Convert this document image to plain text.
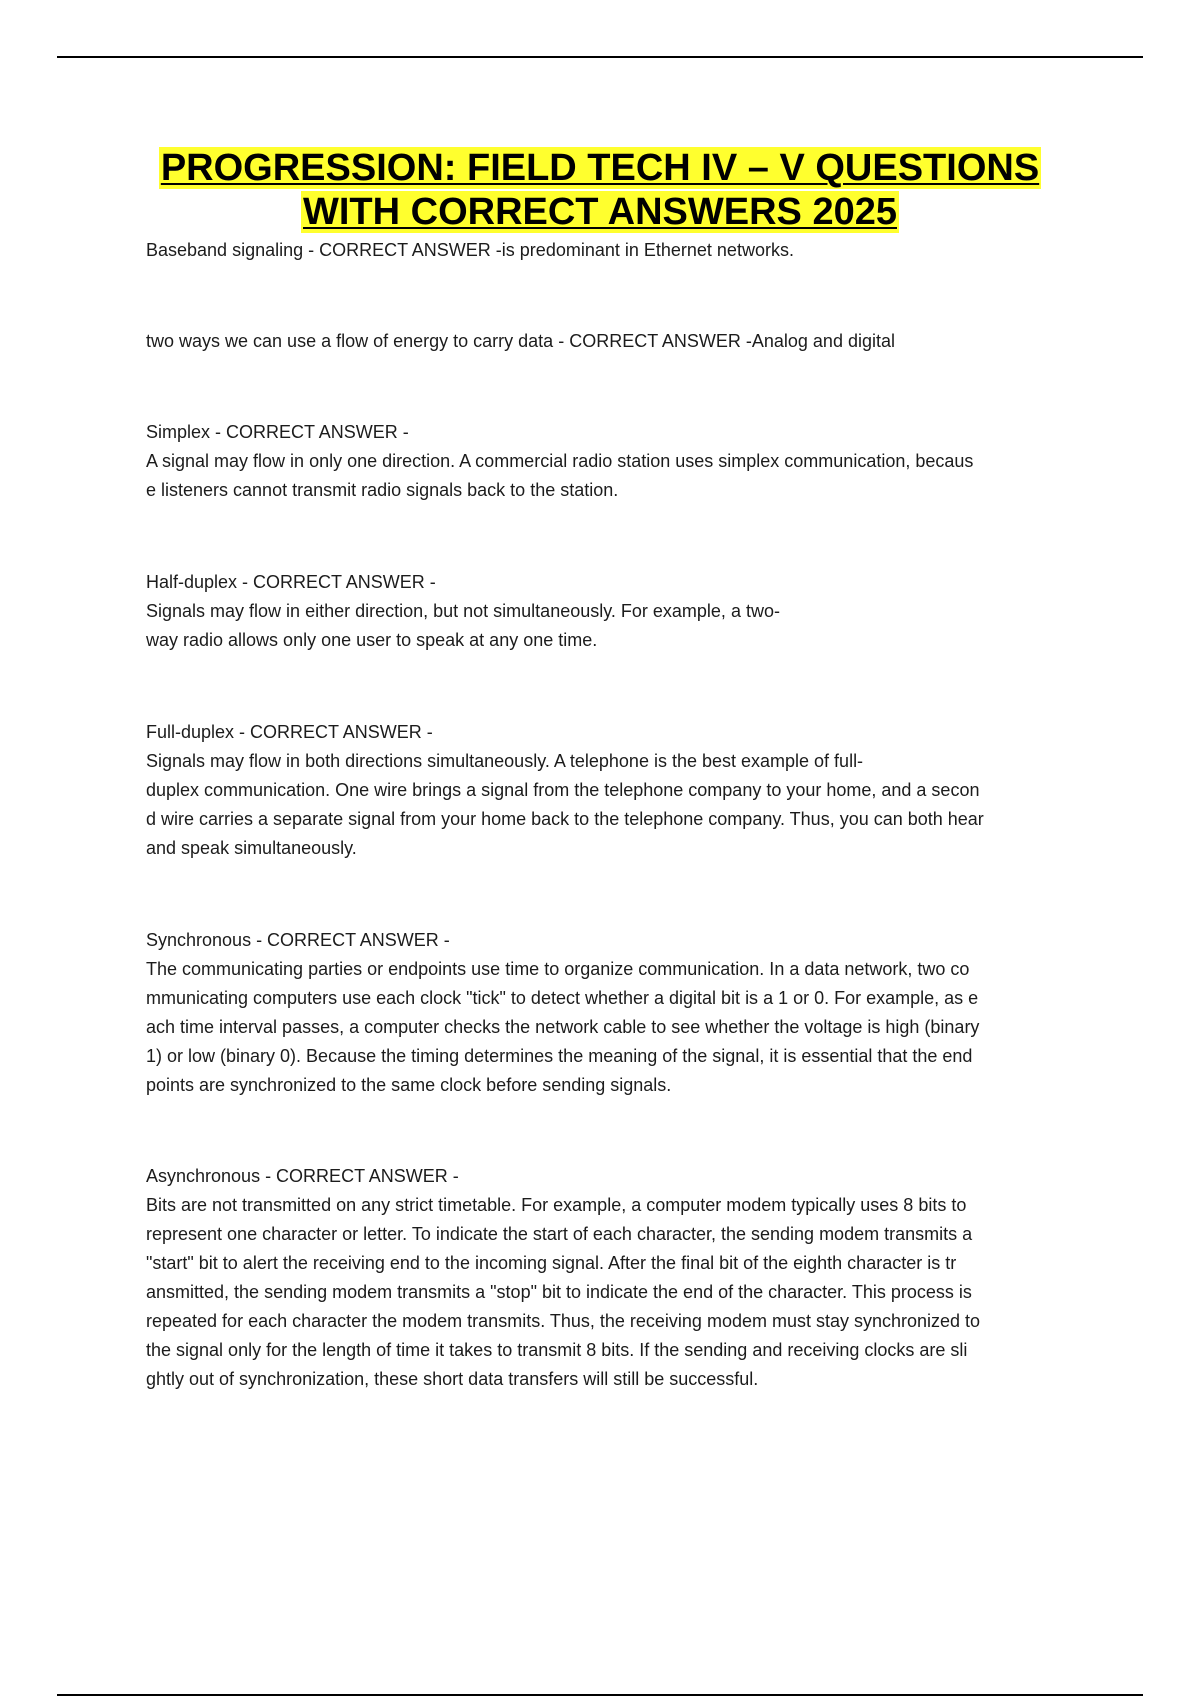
PROGRESSION: FIELD TECH IV – V QUESTIONS
WITH CORRECT ANSWERS 2025
Baseband signaling - CORRECT ANSWER -is predominant in Ethernet networks.
two ways we can use a flow of energy to carry data - CORRECT ANSWER -Analog and digital
Simplex - CORRECT ANSWER -
A signal may flow in only one direction. A commercial radio station uses simplex communication, becaus
e listeners cannot transmit radio signals back to the station.
Half-duplex - CORRECT ANSWER -
Signals may flow in either direction, but not simultaneously. For example, a two-
way radio allows only one user to speak at any one time.
Full-duplex - CORRECT ANSWER -
Signals may flow in both directions simultaneously. A telephone is the best example of full-
duplex communication. One wire brings a signal from the telephone company to your home, and a secon
d wire carries a separate signal from your home back to the telephone company. Thus, you can both hear
and speak simultaneously.
Synchronous - CORRECT ANSWER -
The communicating parties or endpoints use time to organize communication. In a data network, two co
mmunicating computers use each clock "tick" to detect whether a digital bit is a 1 or 0. For example, as e
ach time interval passes, a computer checks the network cable to see whether the voltage is high (binary
1) or low (binary 0). Because the timing determines the meaning of the signal, it is essential that the end
points are synchronized to the same clock before sending signals.
Asynchronous - CORRECT ANSWER -
Bits are not transmitted on any strict timetable. For example, a computer modem typically uses 8 bits to
represent one character or letter. To indicate the start of each character, the sending modem transmits a
"start" bit to alert the receiving end to the incoming signal. After the final bit of the eighth character is tr
ansmitted, the sending modem transmits a "stop" bit to indicate the end of the character. This process is
repeated for each character the modem transmits. Thus, the receiving modem must stay synchronized to
the signal only for the length of time it takes to transmit 8 bits. If the sending and receiving clocks are sli
ghtly out of synchronization, these short data transfers will still be successful.
